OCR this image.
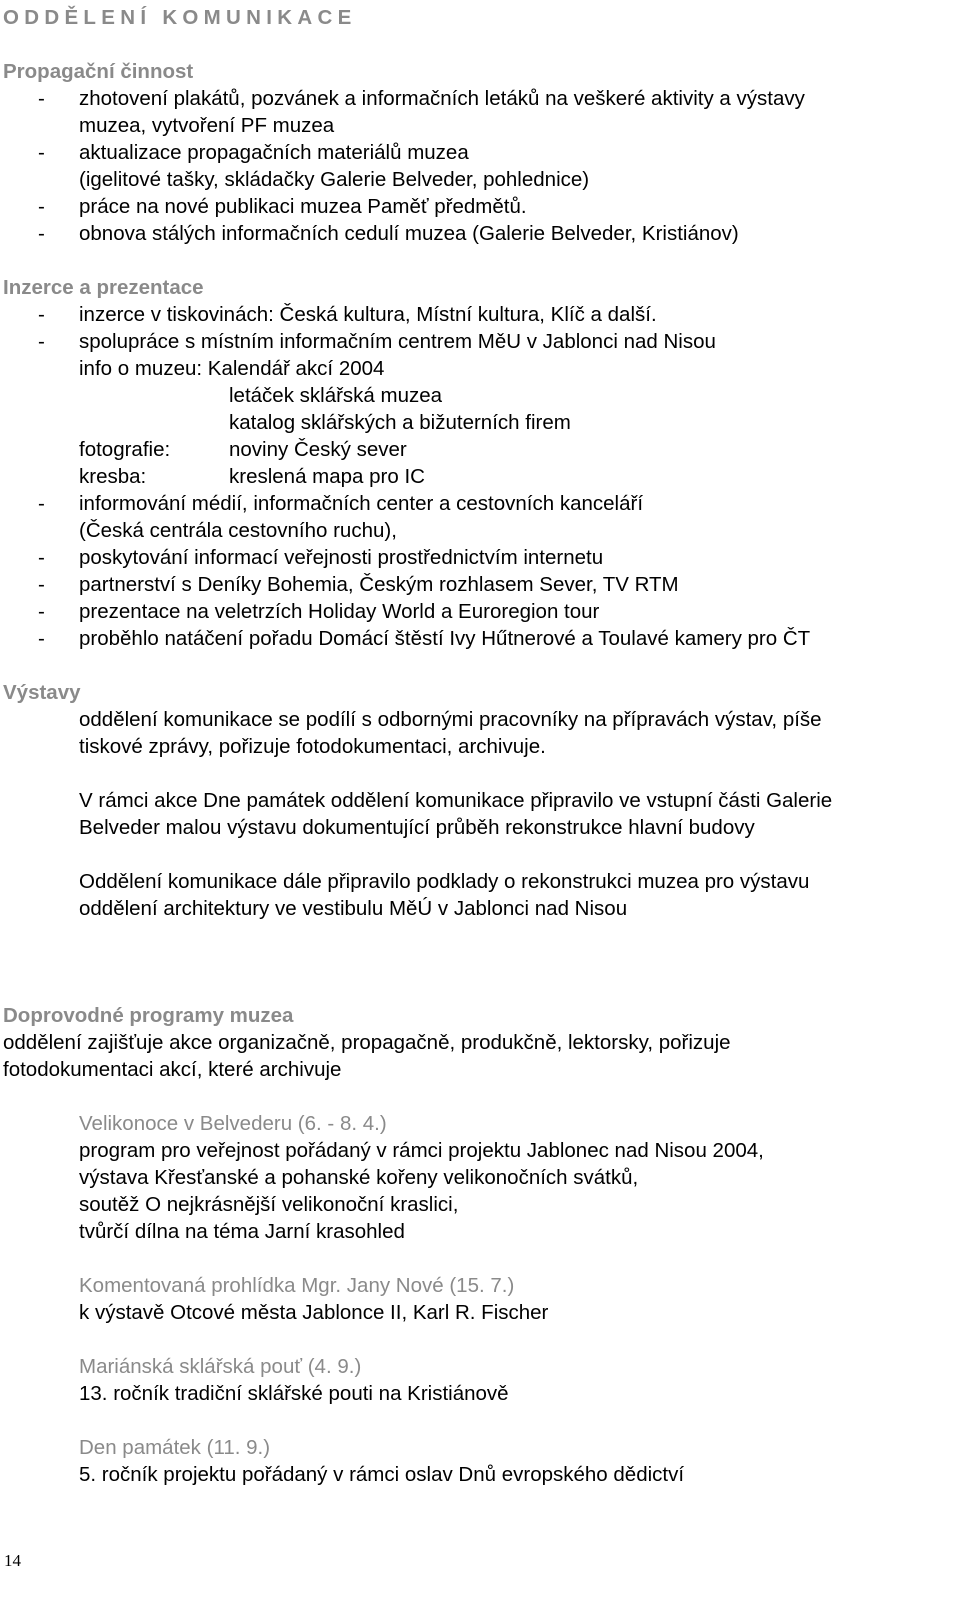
ODDĚLENÍ KOMUNIKACE
Propagační činnost
- zhotovení plakátů, pozvánek a informačních letáků na veškeré aktivity a výstavy
muzea, vytvoření PF muzea
- aktualizace propagačních materiálů muzea
(igelitové tašky, skládačky Galerie Belveder, pohlednice)
- práce na nové publikaci muzea Paměť předmětů.
- obnova stálých informačních cedulí muzea (Galerie Belveder, Kristiánov)
Inzerce a prezentace
- inzerce v tiskovinách: Česká kultura, Místní kultura, Klíč a další.
- spolupráce s místním informačním centrem MěU v Jablonci nad Nisou
info o muzeu: Kalendář akcí 2004
letáček sklářská muzea
katalog sklářských a bižuterních firem
fotografie:	noviny Český sever
kresba:	kreslená mapa pro IC
- informování médií, informačních center a cestovních kanceláří
(Česká centrála cestovního ruchu),
- poskytování informací veřejnosti prostřednictvím internetu
- partnerství s Deníky Bohemia, Českým rozhlasem Sever, TV RTM
- prezentace na veletrzích Holiday World a Euroregion tour
- proběhlo natáčení pořadu Domácí štěstí Ivy Hűtnerové a Toulavé kamery pro ČT
Výstavy
oddělení komunikace se podílí s odbornými pracovníky na přípravách výstav, píše
tiskové zprávy, pořizuje fotodokumentaci, archivuje.
V rámci akce Dne památek oddělení komunikace připravilo ve vstupní části Galerie
Belveder malou výstavu dokumentující průběh rekonstrukce hlavní budovy
Oddělení komunikace dále připravilo podklady o rekonstrukci muzea pro výstavu
oddělení architektury ve vestibulu MěÚ v Jablonci nad Nisou
Doprovodné programy muzea
oddělení zajišťuje akce organizačně, propagačně, produkčně, lektorsky, pořizuje
fotodokumentaci akcí, které archivuje
Velikonoce v Belvederu (6. - 8. 4.)
program pro veřejnost pořádaný v rámci projektu Jablonec nad Nisou 2004,
výstava Křesťanské a pohanské kořeny velikonočních svátků,
soutěž O nejkrásnější velikonoční kraslici,
tvůrčí dílna na téma Jarní krasohled
Komentovaná prohlídka Mgr. Jany Nové (15. 7.)
k výstavě Otcové města Jablonce II, Karl R. Fischer
Mariánská sklářská pouť (4. 9.)
13. ročník tradiční sklářské pouti na Kristiánově
Den památek (11. 9.)
5. ročník projektu pořádaný v rámci oslav Dnů evropského dědictví
14
